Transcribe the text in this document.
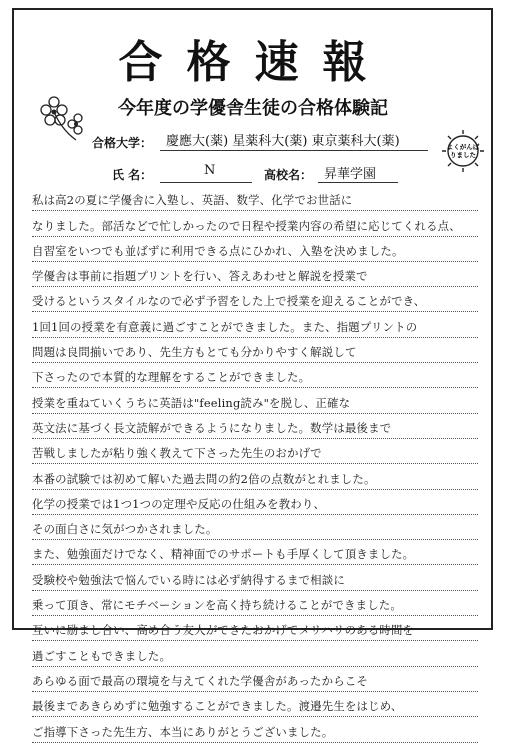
合格速報
今年度の学優舎生徒の合格体験記
合格大学： 慶應大(薬) 星薬科大(薬) 東京薬科大(薬)
氏 名：	N	高校名： 昇華学園
よくがんば
りました
私は高2の夏に学優舎に入塾し、英語、数学、化学でお世話に
なりました。部活などで忙しかったので日程や授業内容の希望に応じてくれる点、
自習室をいつでも並ばずに利用できる点にひかれ、入塾を決めました。
学優舎は事前に指題プリントを行い、答えあわせと解説を授業で
受けるというスタイルなので必ず予習をした上で授業を迎えることができ、
1回1回の授業を有意義に過ごすことができました。また、指題プリントの
問題は良問揃いであり、先生方もとても分かりやすく解説して
下さったので本質的な理解をすることができました。
授業を重ねていくうちに英語は"feeling読み"を脱し、正確な
英文法に基づく長文読解ができるようになりました。数学は最後まで
苦戦しましたが粘り強く教えて下さった先生のおかげで
本番の試験では初めて解いた過去問の約2倍の点数がとれました。
化学の授業では1つ1つの定理や反応の仕組みを教わり、
その面白さに気がつかされました。
また、勉強面だけでなく、精神面でのサポートも手厚くして頂きました。
受験校や勉強法で悩んでいる時には必ず納得するまで相談に
乗って頂き、常にモチベーションを高く持ち続けることができました。
互いに励まし合い、高め合う友人ができたおかげでメリハリのある時間を
過ごすこともできました。
あらゆる面で最高の環境を与えてくれた学優舎があったからこそ
最後まであきらめずに勉強することができました。渡邉先生をはじめ、
ご指導下さった先生方、本当にありがとうございました。
